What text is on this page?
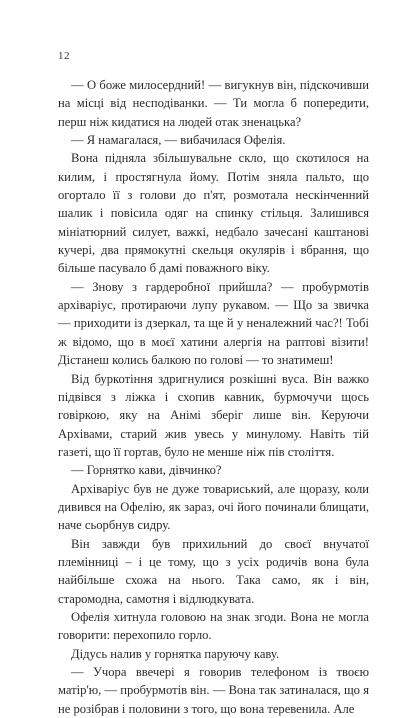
12

— О боже милосердний! — вигукнув він, підскочивши на місці від несподіванки. — Ти могла б попередити, перш ніж кидатися на людей отак зненацька?

— Я намагалася, — вибачилася Офелія.

Вона підняла збільшувальне скло, що скотилося на килим, і простягнула йому. Потім зняла пальто, що огортало її з голови до п'ят, розмотала нескінченний шалик і повісила одяг на спинку стільця. Залишився мініатюрний силует, важкі, недбало зачесані каштанові кучері, два прямокутні скельця окулярів і вбрання, що більше пасувало б дамі поважного віку.

— Знову з гардеробної прийшла? — пробурмотів архіваріус, протираючи лупу рукавом. — Що за звичка — приходити із дзеркал, та ще й у неналежний час?! Тобі ж відомо, що в моєї хатини алергія на раптові візити! Дістанеш колись балкою по голові — то знатимеш!

Від буркотіння здригнулися розкішні вуса. Він важко підвівся з ліжка і схопив кавник, бурмочучи щось говіркою, яку на Анімі зберіг лише він. Керуючи Архівами, старий жив увесь у минулому. Навіть тій газеті, що її гортав, було не менше ніж пів століття.

— Горнятко кави, дівчинко?

Архіваріус був не дуже товариський, але щоразу, коли дивився на Офелію, як зараз, очі його починали блищати, наче сьорбнув сидру.

Він завжди був прихильний до своєї внучатої племінниці – і це тому, що з усіх родичів вона була найбільше схожа на нього. Така само, як і він, старомодна, самотня і відлюдкувата.

Офелія хитнула головою на знак згоди. Вона не могла говорити: перехопило горло.

Дідусь налив у горнятка паруючу каву.

— Учора ввечері я говорив телефоном із твоєю матір'ю, — пробурмотів він. — Вона так затиналася, що я не розібрав і половини з того, що вона теревенила. Але
